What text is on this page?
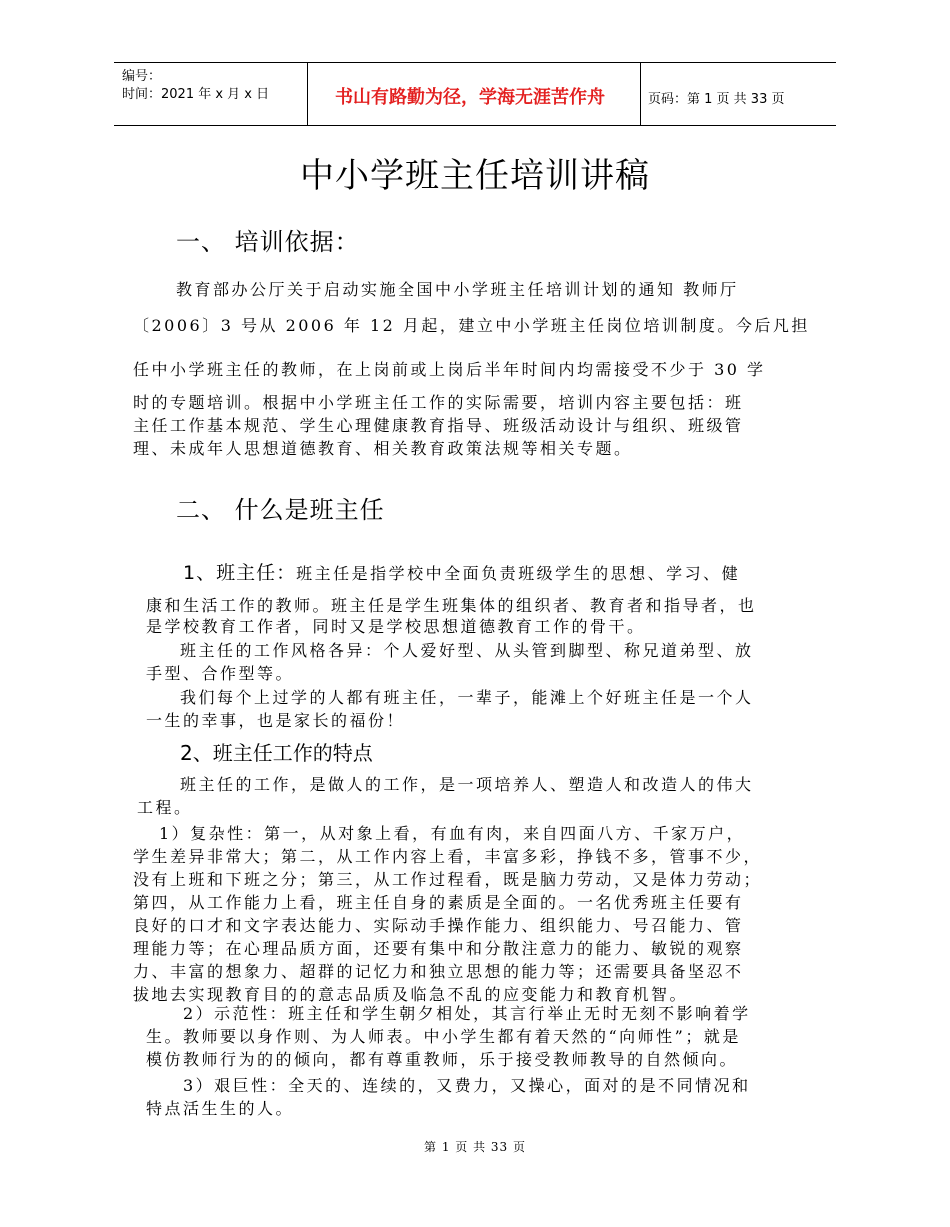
编号：
时间：2021 年 x 月 x 日	书山有路勤为径，学海无涯苦作舟	页码：第 1 页 共 33 页
中小学班主任培训讲稿
一、 培训依据：
教育部办公厅关于启动实施全国中小学班主任培训计划的通知 教师厅
〔2006〕3 号从 2006 年 12 月起，建立中小学班主任岗位培训制度。今后凡担
任中小学班主任的教师，在上岗前或上岗后半年时间内均需接受不少于 30 学
时的专题培训。根据中小学班主任工作的实际需要，培训内容主要包括：班
主任工作基本规范、学生心理健康教育指导、班级活动设计与组织、班级管
理、未成年人思想道德教育、相关教育政策法规等相关专题。
二、 什么是班主任
1、班主任：班主任是指学校中全面负责班级学生的思想、学习、健
康和生活工作的教师。班主任是学生班集体的组织者、教育者和指导者，也
是学校教育工作者，同时又是学校思想道德教育工作的骨干。
班主任的工作风格各异：个人爱好型、从头管到脚型、称兄道弟型、放
手型、合作型等。
我们每个上过学的人都有班主任，一辈子，能滩上个好班主任是一个人
一生的幸事，也是家长的福份！
2、班主任工作的特点
班主任的工作，是做人的工作，是一项培养人、塑造人和改造人的伟大
工程。
1）复杂性：第一，从对象上看，有血有肉，来自四面八方、千家万户，
学生差异非常大；第二，从工作内容上看，丰富多彩，挣钱不多，管事不少，
没有上班和下班之分；第三，从工作过程看，既是脑力劳动，又是体力劳动；
第四，从工作能力上看，班主任自身的素质是全面的。一名优秀班主任要有
良好的口才和文字表达能力、实际动手操作能力、组织能力、号召能力、管
理能力等；在心理品质方面，还要有集中和分散注意力的能力、敏锐的观察
力、丰富的想象力、超群的记忆力和独立思想的能力等；还需要具备坚忍不
拔地去实现教育目的的意志品质及临急不乱的应变能力和教育机智。
2）示范性：班主任和学生朝夕相处，其言行举止无时无刻不影响着学
生。教师要以身作则、为人师表。中小学生都有着天然的“向师性”；就是
模仿教师行为的的倾向，都有尊重教师，乐于接受教师教导的自然倾向。
3）艰巨性：全天的、连续的，又费力，又操心，面对的是不同情况和
特点活生生的人。
第 1 页 共 33 页
